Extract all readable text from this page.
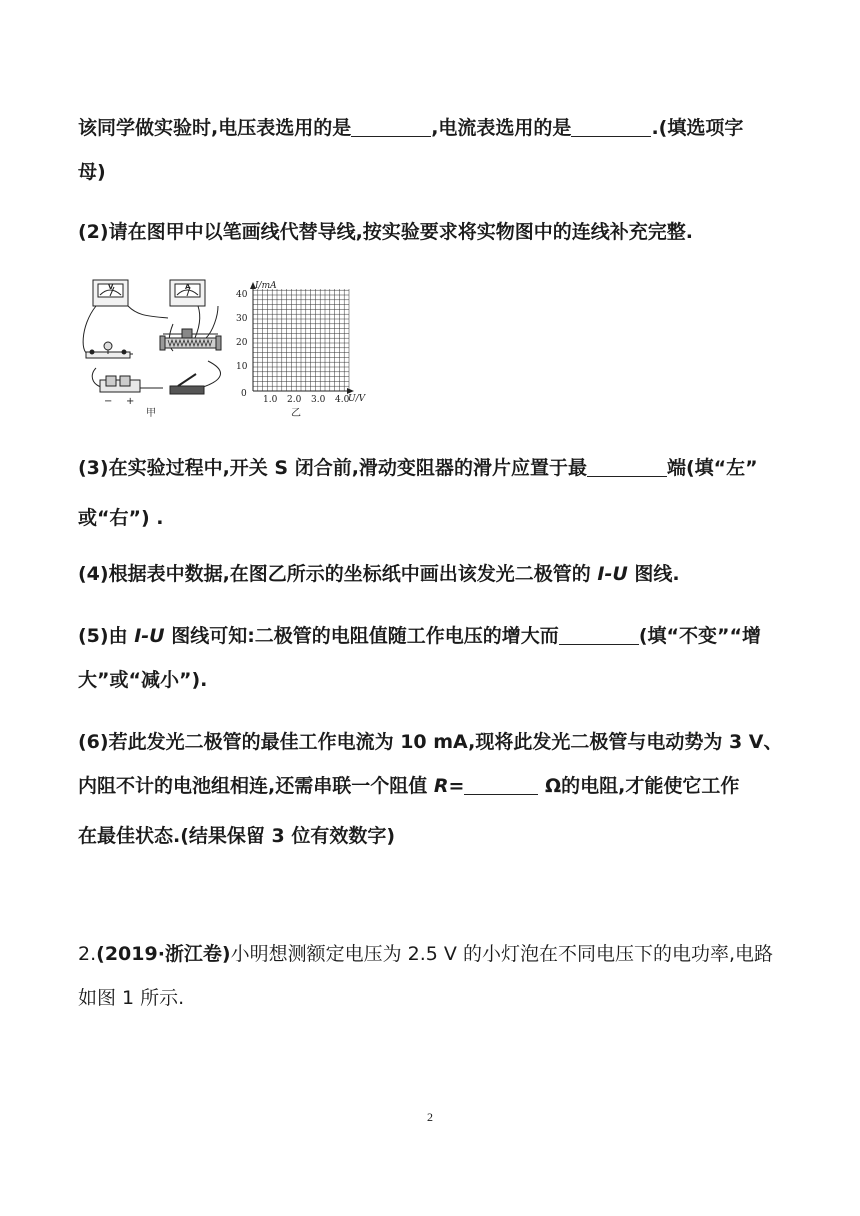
该同学做实验时,电压表选用的是	,电流表选用的是	.(填选项字
母)
(2)请在图甲中以笔画线代替导线,按实验要求将实物图中的连线补充完整.
V	A
− +
甲
I/mA
U/V
0
40
30
20
10
1.0 2.0 3.0 4.0
乙
(3)在实验过程中,开关 S 闭合前,滑动变阻器的滑片应置于最	端(填“左”
或“右”) .
(4)根据表中数据,在图乙所示的坐标纸中画出该发光二极管的 I-U 图线.
(5)由 I-U 图线可知:二极管的电阻值随工作电压的增大而	(填“不变”“增
大”或“减小”).
(6)若此发光二极管的最佳工作电流为 10 mA,现将此发光二极管与电动势为 3 V、
内阻不计的电池组相连,还需串联一个阻值 R=	Ω的电阻,才能使它工作
在最佳状态.(结果保留 3 位有效数字)
2.(2019·浙江卷)小明想测额定电压为 2.5 V 的小灯泡在不同电压下的电功率,电路
如图 1 所示.
2
